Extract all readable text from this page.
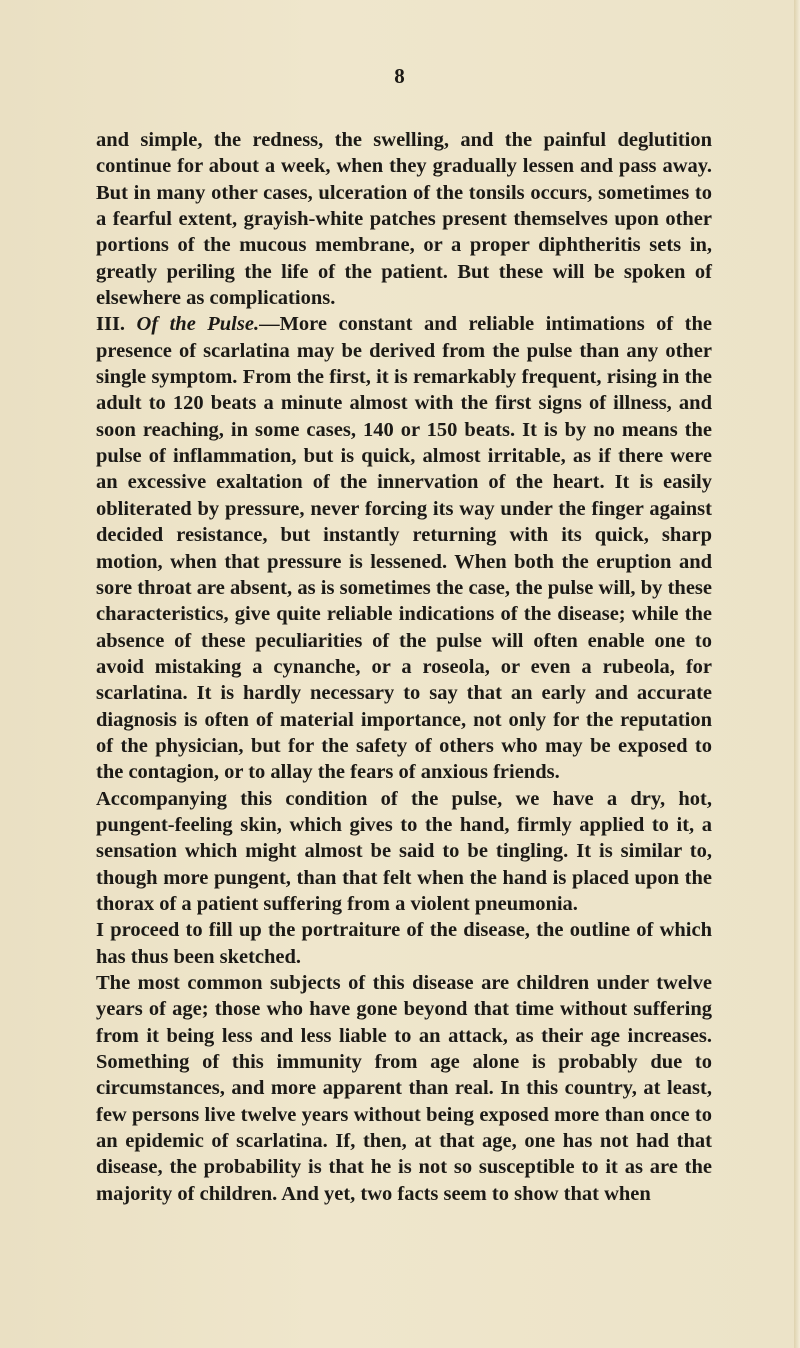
8

and simple, the redness, the swelling, and the painful deglutition continue for about a week, when they gradually lessen and pass away. But in many other cases, ulceration of the tonsils occurs, sometimes to a fearful extent, grayish-white patches present themselves upon other portions of the mucous membrane, or a proper diphtheritis sets in, greatly periling the life of the patient. But these will be spoken of elsewhere as complications.

III. Of the Pulse.—More constant and reliable intimations of the presence of scarlatina may be derived from the pulse than any other single symptom. From the first, it is remarkably frequent, rising in the adult to 120 beats a minute almost with the first signs of illness, and soon reaching, in some cases, 140 or 150 beats. It is by no means the pulse of inflammation, but is quick, almost irritable, as if there were an excessive exaltation of the innervation of the heart. It is easily obliterated by pressure, never forcing its way under the finger against decided resistance, but instantly returning with its quick, sharp motion, when that pressure is lessened. When both the eruption and sore throat are absent, as is sometimes the case, the pulse will, by these characteristics, give quite reliable indications of the disease; while the absence of these peculiarities of the pulse will often enable one to avoid mistaking a cynanche, or a roseola, or even a rubeola, for scarlatina. It is hardly necessary to say that an early and accurate diagnosis is often of material importance, not only for the reputation of the physician, but for the safety of others who may be exposed to the contagion, or to allay the fears of anxious friends.

Accompanying this condition of the pulse, we have a dry, hot, pungent-feeling skin, which gives to the hand, firmly applied to it, a sensation which might almost be said to be tingling. It is similar to, though more pungent, than that felt when the hand is placed upon the thorax of a patient suffering from a violent pneumonia.

I proceed to fill up the portraiture of the disease, the outline of which has thus been sketched.

The most common subjects of this disease are children under twelve years of age; those who have gone beyond that time without suffering from it being less and less liable to an attack, as their age increases. Something of this immunity from age alone is probably due to circumstances, and more apparent than real. In this country, at least, few persons live twelve years without being exposed more than once to an epidemic of scarlatina. If, then, at that age, one has not had that disease, the probability is that he is not so susceptible to it as are the majority of children. And yet, two facts seem to show that when
